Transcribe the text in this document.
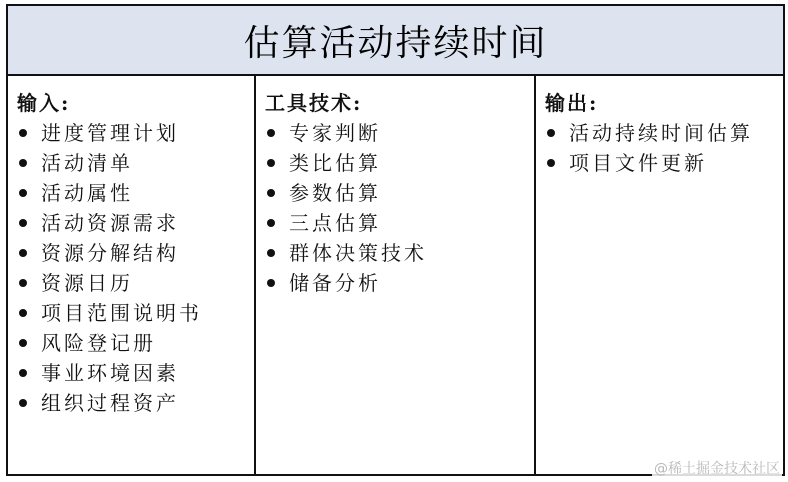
估算活动持续时间
输入:
进度管理计划
活动清单
活动属性
活动资源需求
资源分解结构
资源日历
项目范围说明书
风险登记册
事业环境因素
组织过程资产
工具技术:
专家判断
类比估算
参数估算
三点估算
群体决策技术
储备分析
输出:
活动持续时间估算
项目文件更新
@稀土掘金技术社区
